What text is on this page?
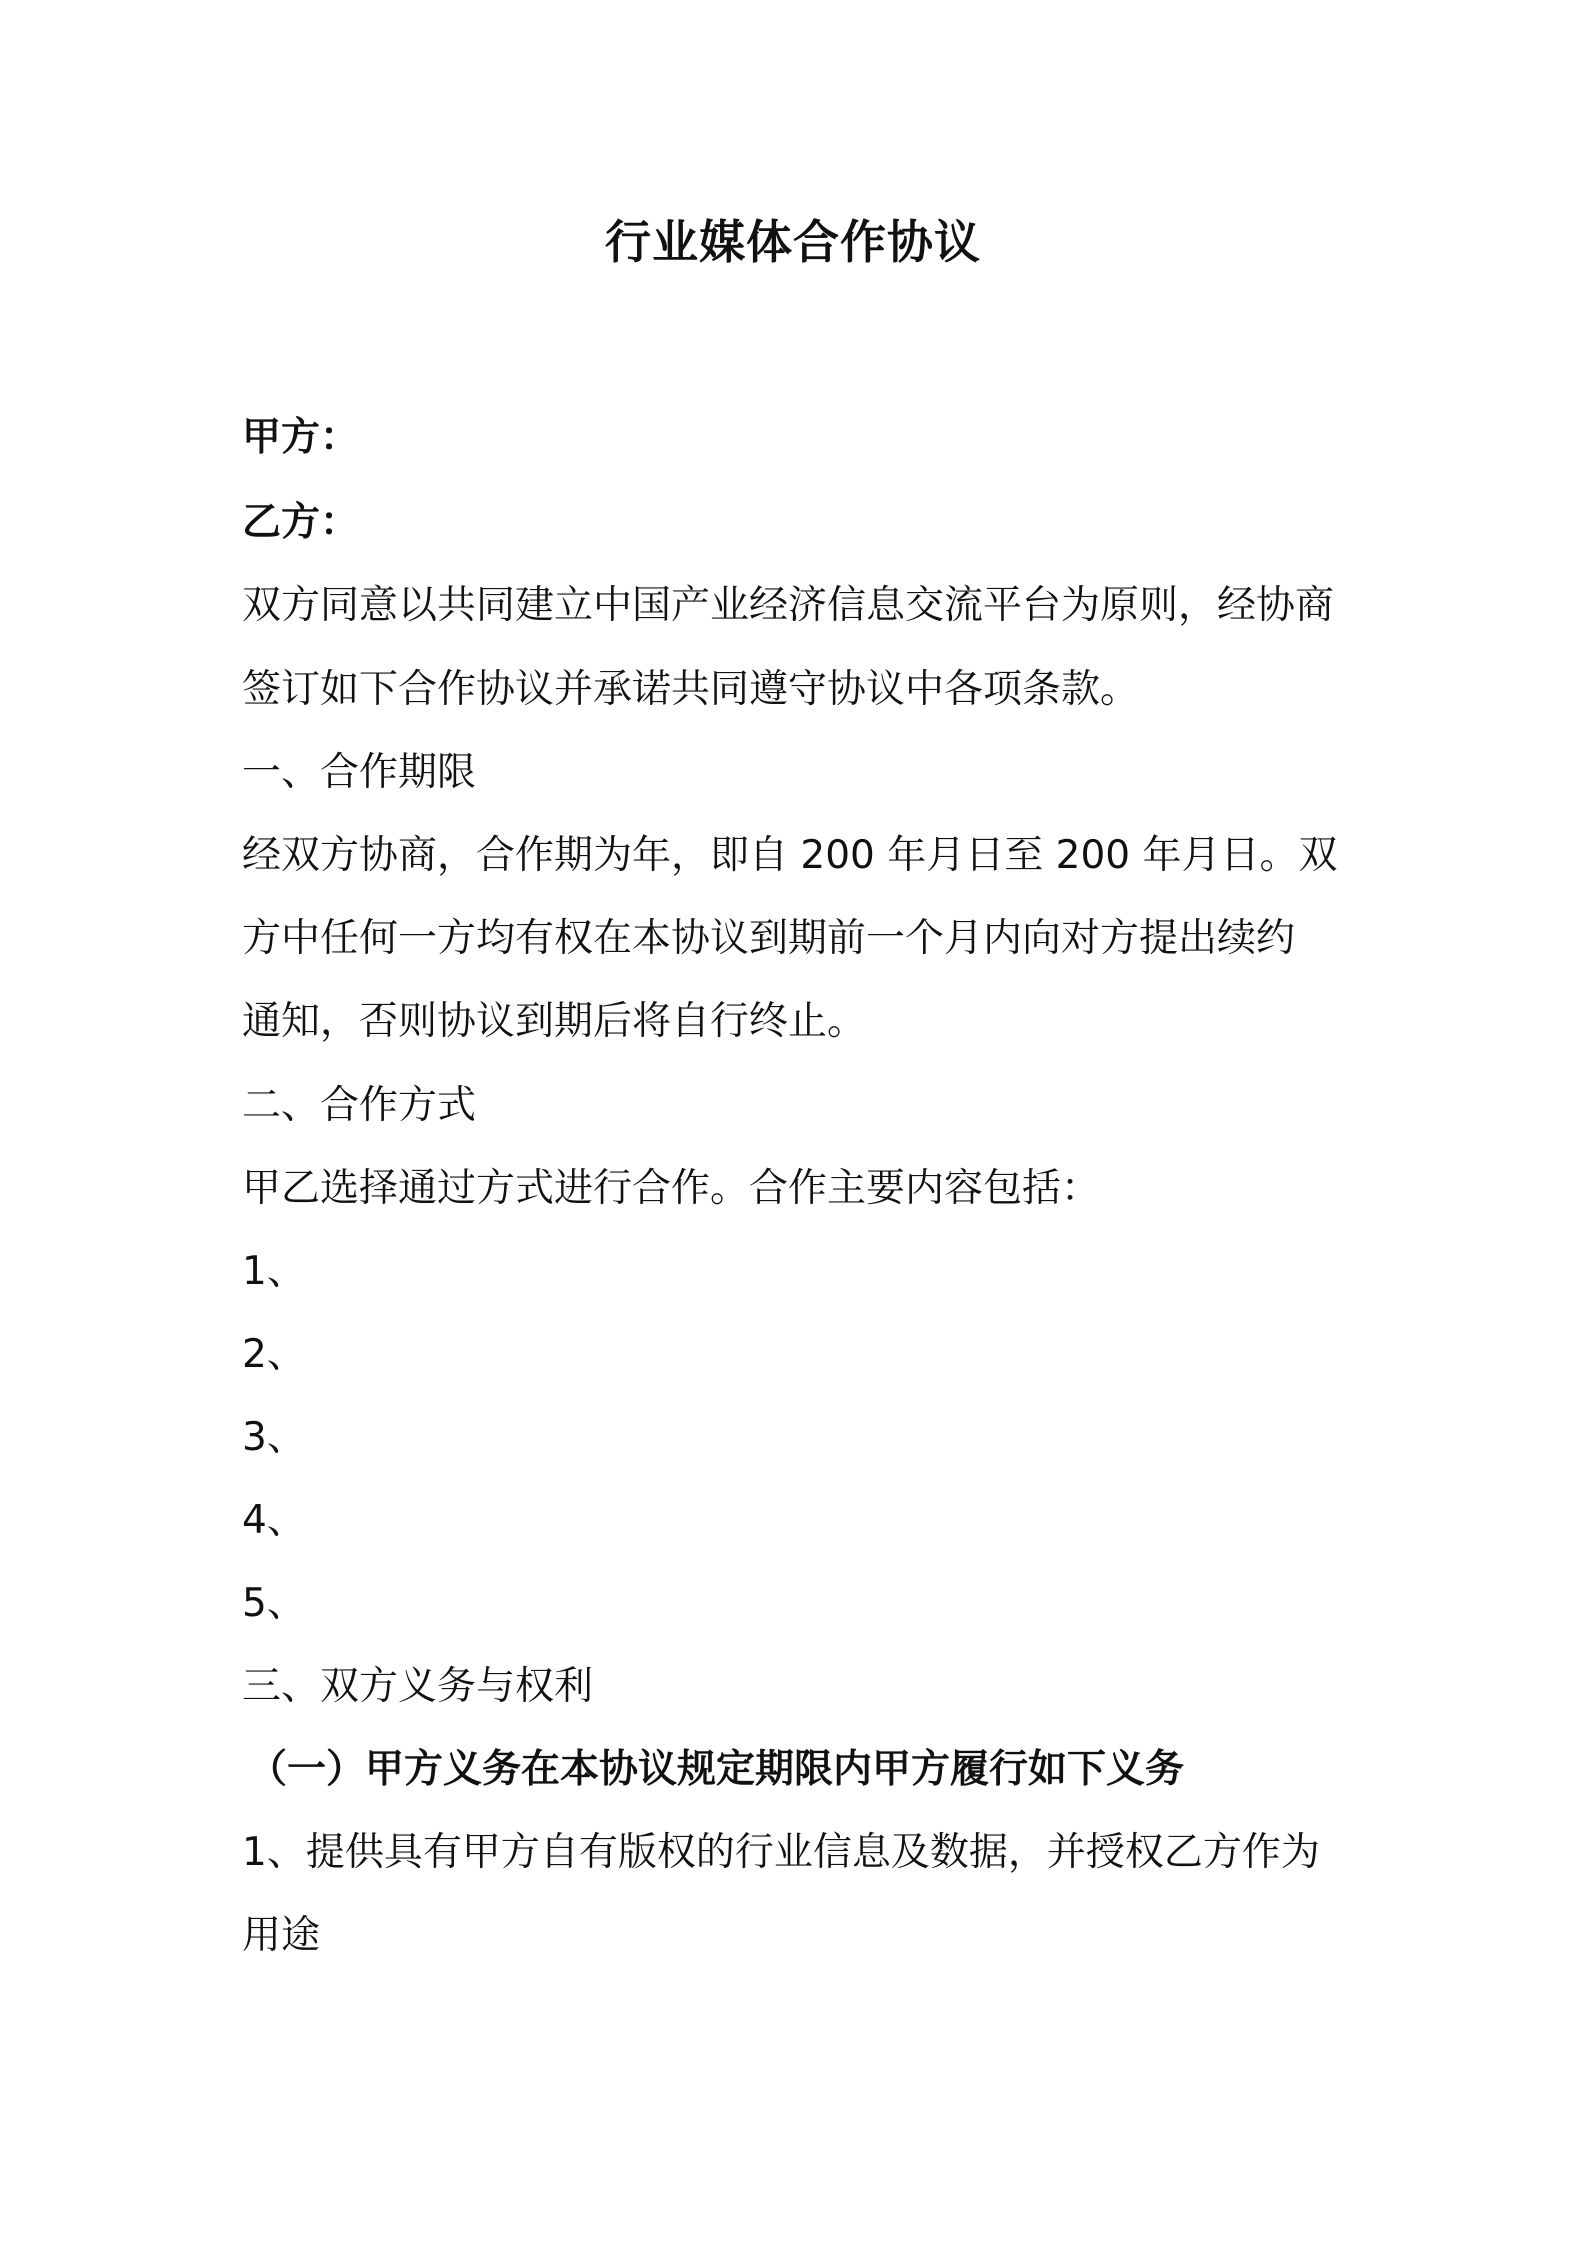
行业媒体合作协议
甲方：
乙方：
双方同意以共同建立中国产业经济信息交流平台为原则，经协商
签订如下合作协议并承诺共同遵守协议中各项条款。
一、合作期限
经双方协商，合作期为年，即自 200 年月日至 200 年月日。双
方中任何一方均有权在本协议到期前一个月内向对方提出续约
通知，否则协议到期后将自行终止。
二、合作方式
甲乙选择通过方式进行合作。合作主要内容包括：
1、
2、
3、
4、
5、
三、双方义务与权利
（一）甲方义务在本协议规定期限内甲方履行如下义务
1、提供具有甲方自有版权的行业信息及数据，并授权乙方作为
用途
